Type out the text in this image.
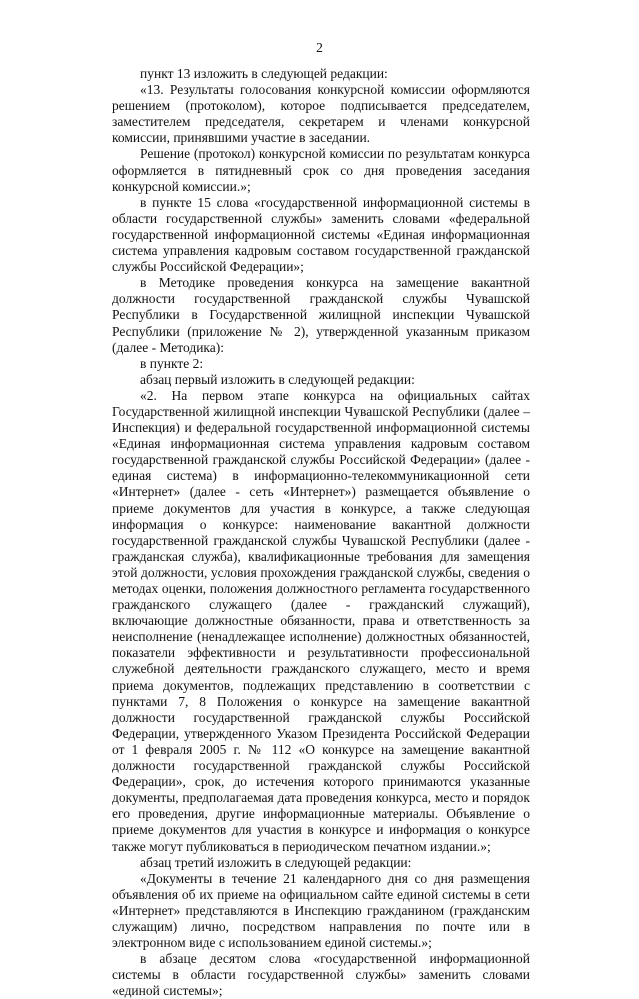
2

пункт 13 изложить в следующей редакции:

«13. Результаты голосования конкурсной комиссии оформляются решением (протоколом), которое подписывается председателем, заместителем председателя, секретарем и членами конкурсной комиссии, принявшими участие в заседании.

Решение (протокол) конкурсной комиссии по результатам конкурса оформляется в пятидневный срок со дня проведения заседания конкурсной комиссии.»;

в пункте 15 слова «государственной информационной системы в области государственной службы» заменить словами «федеральной государственной информационной системы «Единая информационная система управления кадровым составом государственной гражданской службы Российской Федерации»;

в Методике проведения конкурса на замещение вакантной должности государственной гражданской службы Чувашской Республики в Государственной жилищной инспекции Чувашской Республики (приложение № 2), утвержденной указанным приказом (далее - Методика):

в пункте 2:

абзац первый изложить в следующей редакции:

«2. На первом этапе конкурса на официальных сайтах Государственной жилищной инспекции Чувашской Республики (далее – Инспекция) и федеральной государственной информационной системы «Единая информационная система управления кадровым составом государственной гражданской службы Российской Федерации» (далее - единая система) в информационно-телекоммуникационной сети «Интернет» (далее - сеть «Интернет») размещается объявление о приеме документов для участия в конкурсе, а также следующая информация о конкурсе: наименование вакантной должности государственной гражданской службы Чувашской Республики (далее - гражданская служба), квалификационные требования для замещения этой должности, условия прохождения гражданской службы, сведения о методах оценки, положения должностного регламента государственного гражданского служащего (далее - гражданский служащий), включающие должностные обязанности, права и ответственность за неисполнение (ненадлежащее исполнение) должностных обязанностей, показатели эффективности и результативности профессиональной служебной деятельности гражданского служащего, место и время приема документов, подлежащих представлению в соответствии с пунктами 7, 8 Положения о конкурсе на замещение вакантной должности государственной гражданской службы Российской Федерации, утвержденного Указом Президента Российской Федерации от 1 февраля 2005 г. № 112 «О конкурсе на замещение вакантной должности государственной гражданской службы Российской Федерации», срок, до истечения которого принимаются указанные документы, предполагаемая дата проведения конкурса, место и порядок его проведения, другие информационные материалы. Объявление о приеме документов для участия в конкурсе и информация о конкурсе также могут публиковаться в периодическом печатном издании.»;

абзац третий изложить в следующей редакции:

«Документы в течение 21 календарного дня со дня размещения объявления об их приеме на официальном сайте единой системы в сети «Интернет» представляются в Инспекцию гражданином (гражданским служащим) лично, посредством направления по почте или в электронном виде с использованием единой системы.»;

в абзаце десятом слова «государственной информационной системы в области государственной службы» заменить словами «единой системы»;
